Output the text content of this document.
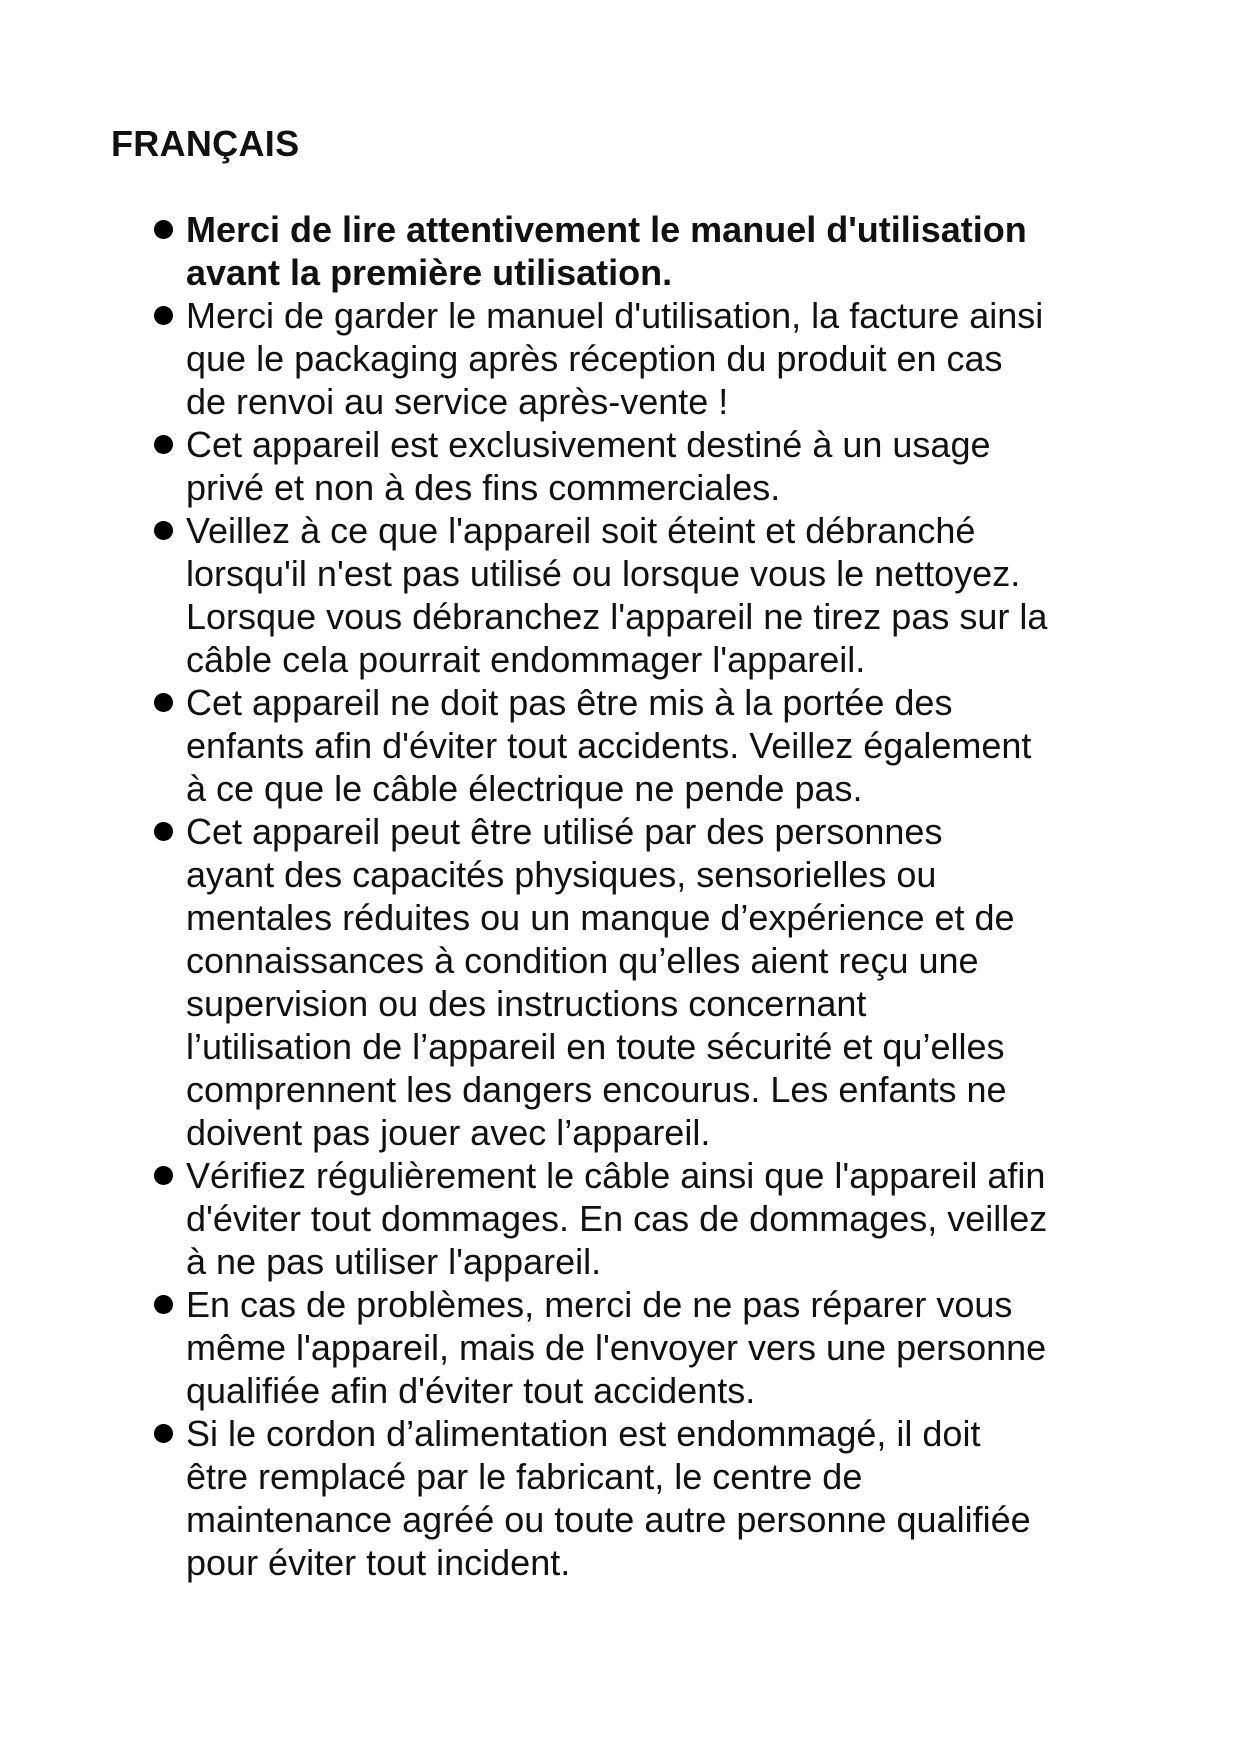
FRANÇAIS
Merci de lire attentivement le manuel d'utilisation
avant la première utilisation.
Merci de garder le manuel d'utilisation, la facture ainsi
que le packaging après réception du produit en cas
de renvoi au service après-vente !
Cet appareil est exclusivement destiné à un usage
privé et non à des fins commerciales.
Veillez à ce que l'appareil soit éteint et débranché
lorsqu'il n'est pas utilisé ou lorsque vous le nettoyez.
Lorsque vous débranchez l'appareil ne tirez pas sur la
câble cela pourrait endommager l'appareil.
Cet appareil ne doit pas être mis à la portée des
enfants afin d'éviter tout accidents. Veillez également
à ce que le câble électrique ne pende pas.
Cet appareil peut être utilisé par des personnes
ayant des capacités physiques, sensorielles ou
mentales réduites ou un manque d’expérience et de
connaissances à condition qu’elles aient reçu une
supervision ou des instructions concernant
l’utilisation de l’appareil en toute sécurité et qu’elles
comprennent les dangers encourus. Les enfants ne
doivent pas jouer avec l’appareil.
Vérifiez régulièrement le câble ainsi que l'appareil afin
d'éviter tout dommages. En cas de dommages, veillez
à ne pas utiliser l'appareil.
En cas de problèmes, merci de ne pas réparer vous
même l'appareil, mais de l'envoyer vers une personne
qualifiée afin d'éviter tout accidents.
Si le cordon d’alimentation est endommagé, il doit
être remplacé par le fabricant, le centre de
maintenance agréé ou toute autre personne qualifiée
pour éviter tout incident.
